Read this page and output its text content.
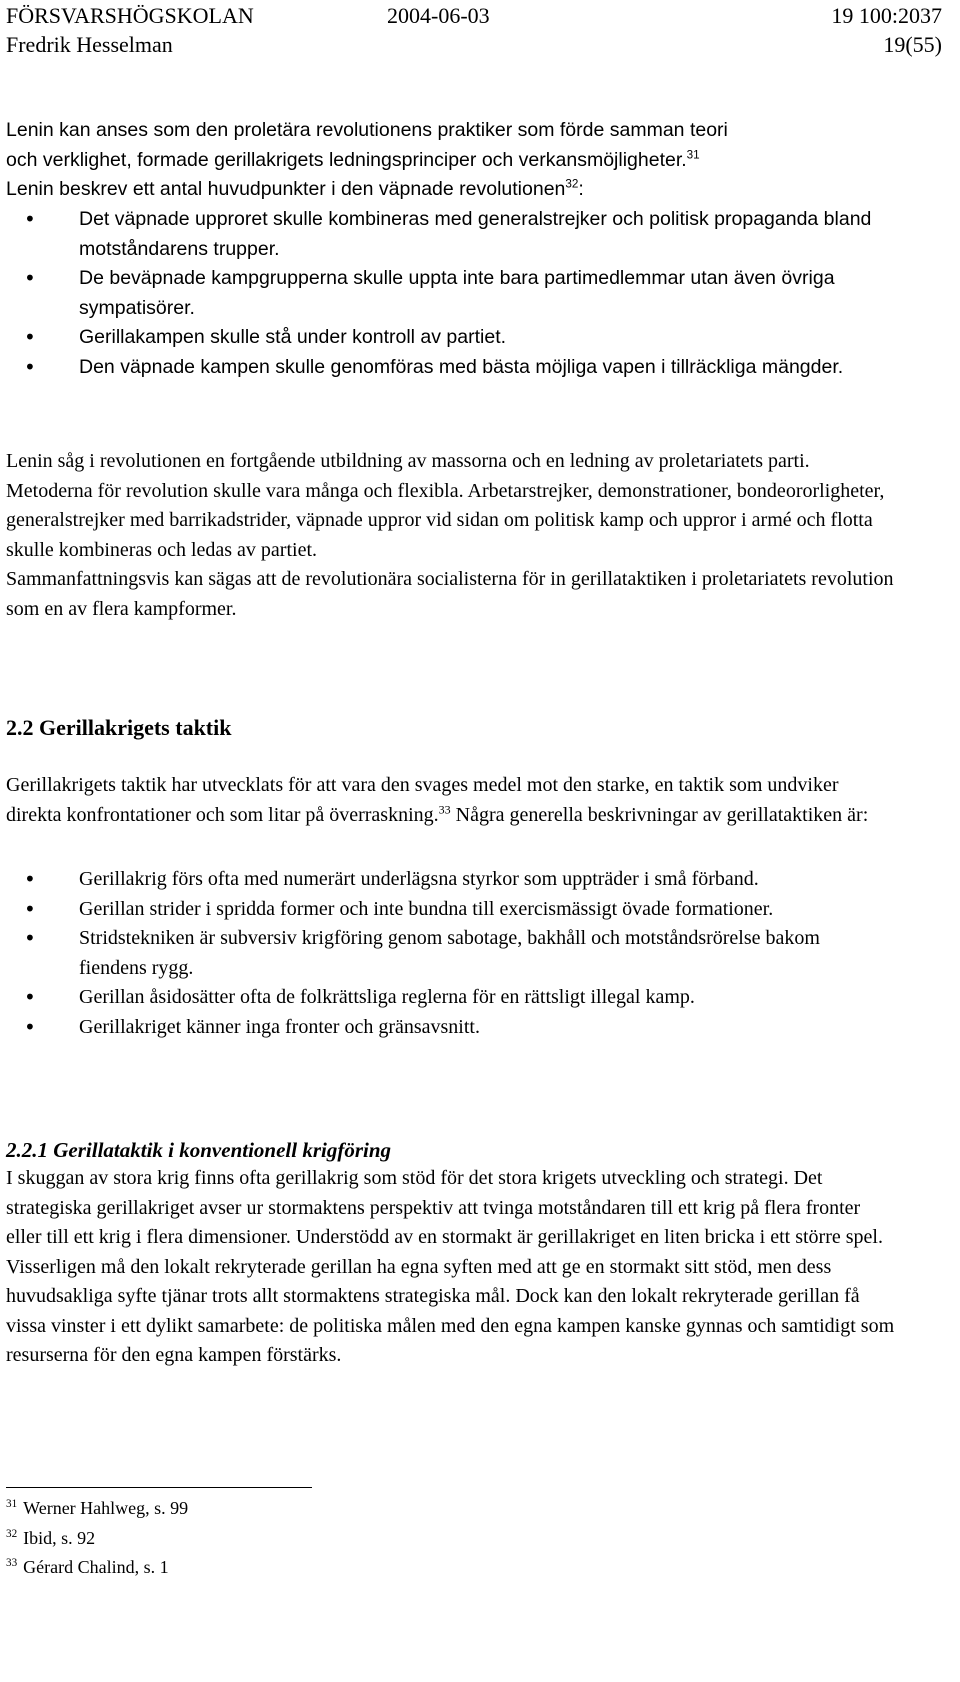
FÖRSVARSHÖGSKOLAN	2004-06-03	19 100:2037
Fredrik Hesselman	19(55)
Lenin kan anses som den proletära revolutionens praktiker som förde samman teori
och verklighet, formade gerillakrigets ledningsprinciper och verkansmöjligheter.$^{31}$
Lenin beskrev ett antal huvudpunkter i den väpnade revolutionen$^{32}$:
• Det väpnade upproret skulle kombineras med generalstrejker och politisk propaganda bland motståndarens trupper.
• De beväpnade kampgrupperna skulle uppta inte bara partimedlemmar utan även övriga sympatisörer.
• Gerillakampen skulle stå under kontroll av partiet.
• Den väpnade kampen skulle genomföras med bästa möjliga vapen i tillräckliga mängder.
Lenin såg i revolutionen en fortgående utbildning av massorna och en ledning av proletariatets parti. Metoderna för revolution skulle vara många och flexibla. Arbetarstrejker, demonstrationer, bondeororligheter, generalstrejker med barrikadstrider, väpnade uppror vid sidan om politisk kamp och uppror i armé och flotta skulle kombineras och ledas av partiet.
Sammanfattningsvis kan sägas att de revolutionära socialisterna för in gerillataktiken i proletariatets revolution som en av flera kampformer.
2.2 Gerillakrigets taktik
Gerillakrigets taktik har utvecklats för att vara den svages medel mot den starke, en taktik som undviker direkta konfrontationer och som litar på överraskning.$^{33}$ Några generella beskrivningar av gerillataktiken är:
• Gerillakrig förs ofta med numerärt underlägsna styrkor som uppträder i små förband.
• Gerillan strider i spridda former och inte bundna till exercismässigt övade formationer.
• Stridstekniken är subversiv krigföring genom sabotage, bakhåll och motståndsrörelse bakom fiendens rygg.
• Gerillan åsidosätter ofta de folkrättsliga reglerna för en rättsligt illegal kamp.
• Gerillakriget känner inga fronter och gränsavsnitt.
2.2.1 Gerillataktik i konventionell krigföring
I skuggan av stora krig finns ofta gerillakrig som stöd för det stora krigets utveckling och strategi. Det strategiska gerillakriget avser ur stormaktens perspektiv att tvinga motståndaren till ett krig på flera fronter eller till ett krig i flera dimensioner. Understödd av en stormakt är gerillakriget en liten bricka i ett större spel. Visserligen må den lokalt rekryterade gerillan ha egna syften med att ge en stormakt sitt stöd, men dess huvudsakliga syfte tjänar trots allt stormaktens strategiska mål. Dock kan den lokalt rekryterade gerillan få vissa vinster i ett dylikt samarbete: de politiska målen med den egna kampen kanske gynnas och samtidigt som resurserna för den egna kampen förstärks.
$^{31}$ Werner Hahlweg, s. 99
$^{32}$ Ibid, s. 92
$^{33}$ Gérard Chalind, s. 1
